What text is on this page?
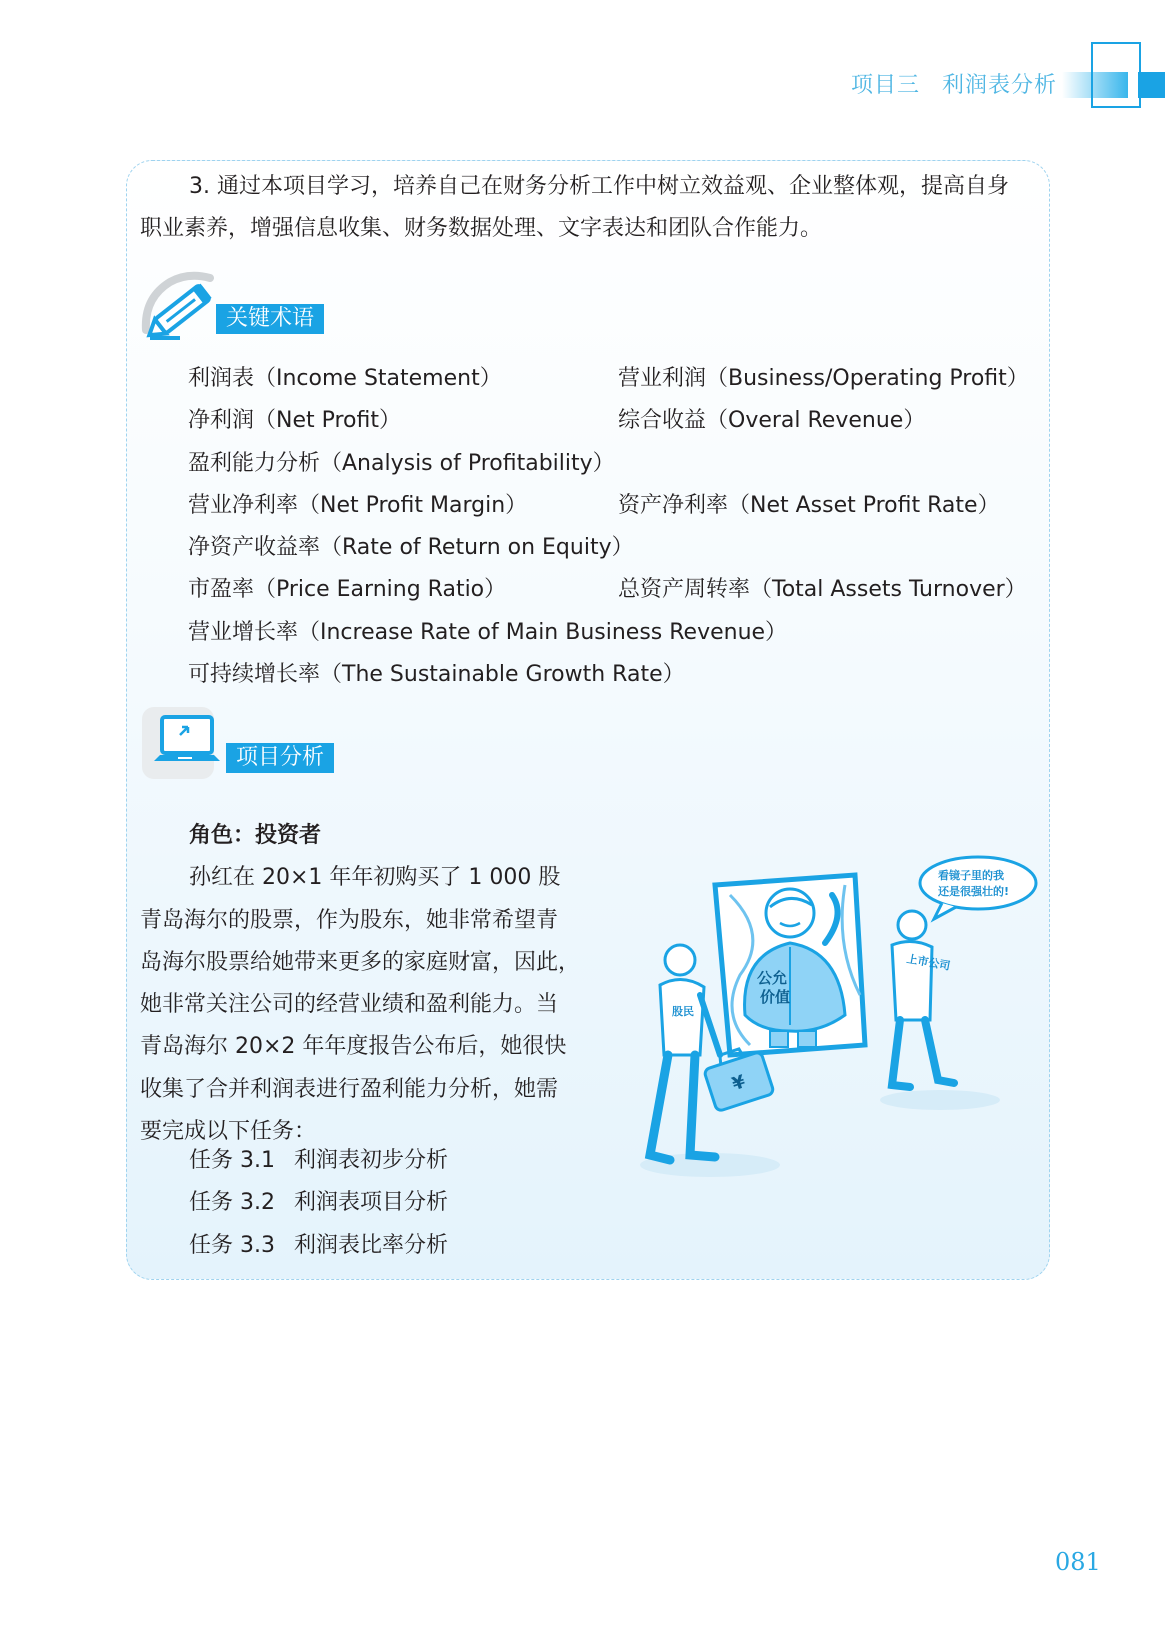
项目三 利润表分析

3. 通过本项目学习，培养自己在财务分析工作中树立效益观、企业整体观，提高自身

职业素养，增强信息收集、财务数据处理、文字表达和团队合作能力。

关键术语
利润表（Income Statement）	营业利润（Business/Operating Profit）
净利润（Net Profit）	综合收益（Overal Revenue）
盈利能力分析（Analysis of Profitability）
营业净利率（Net Profit Margin）	资产净利率（Net Asset Profit Rate）
净资产收益率（Rate of Return on Equity）
市盈率（Price Earning Ratio）	总资产周转率（Total Assets Turnover）
营业增长率（Increase Rate of Main Business Revenue）
可持续增长率（The Sustainable Growth Rate）
项目分析

角色：投资者

孙红在 20×1 年年初购买了 1 000 股

青岛海尔的股票，作为股东，她非常希望青

岛海尔股票给她带来更多的家庭财富，因此，

她非常关注公司的经营业绩和盈利能力。当

青岛海尔 20×2 年年度报告公布后，她很快

收集了合并利润表进行盈利能力分析，她需

要完成以下任务：

任务 3.1 利润表初步分析
任务 3.2 利润表项目分析
任务 3.3 利润表比率分析
公允
价值
看镜子里的我
还是很强壮的!
上市公司
股民
¥
081
